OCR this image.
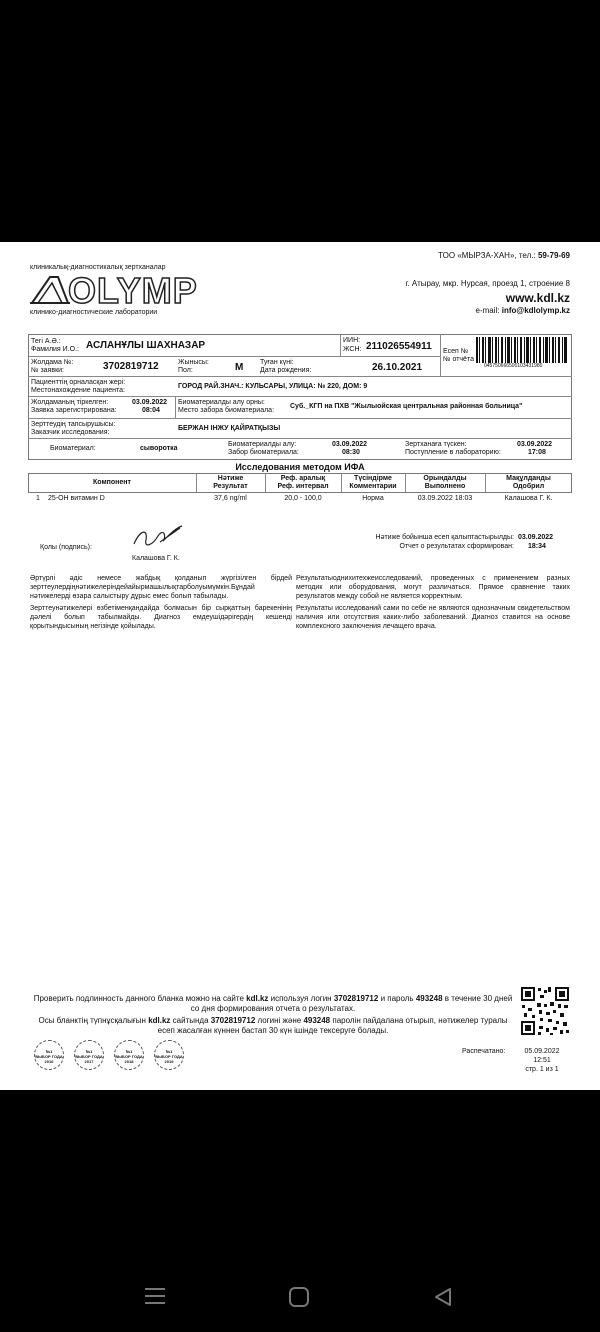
ТОО «МЫРЗА-ХАН», тел.: 59-79-69
клиникалық-диагностикалық зертханалар
OLYMP
клинико-диагностические лаборатории
г. Атырау, мкр. Нурсая, проезд 1, строение 8
www.kdl.kz
e-mail: info@kdlolymp.kz
Тегі А.Ә.:
Фамилия И.О.: АСЛАНҰЛЫ ШАХНАЗАР	ИИН:
ЖСН: 211026554911 Есеп №
№ отчёта
045750666500103431980
Жолдама №:
№ заявки:	3702819712	Жынысы:
Пол:	М Туған күні:
Дата рождения:	26.10.2021
Пациенттің орналасқан жері:
Местонахождение пациента:
ГОРОД РАЙ.ЗНАЧ.: КУЛЬСАРЫ, УЛИЦА: № 220, ДОМ: 9
Жолдаманың тіркелген:
Заявка зарегистрирована:
03.09.2022
08:04
Биоматериалды алу орны:
Место забора биоматериала:
Суб._КГП на ПХВ "Жылыойская центральная районная больница"
Зерттеудің тапсырушысы:
Заказчик исследования:
БЕРЖАН ІНЖУ ҚАЙРАТҚЫЗЫ
Биоматериал:	сыворотка
Биоматериалды алу:
Забор биоматериала:
03.09.2022
08:30
Зертханаға түскен:
Поступление в лабораторию:
03.09.2022
17:08
Исследования методом ИФА
Компонент
Нәтиже
Результат
Реф. аралық
Реф. интервал
Түсіндірме
Комментарии
Орындалды
Выполнено
Мақұлданды
Одобрил
1 25-ОН витамин D	37,6 ng/ml	20,0 - 100,0	Норма	03.09.2022 18:03	Калашова Г. К.
Қолы (подпись):
Калашова Г. К.
Нәтиже бойынша есеп қалыптастырылды:
Отчет о результатах сформирован:
03.09.2022
18:34
Әртүрлі әдіс немесе жабдық қолданып жүргізілген бірдей зерттеулердіңнәтижелеріндейайырмашылықтарболуымүмкін.Бұндай нәтижелерді өзара салыстыру дұрыс емес болып табылады.
Зерттеунәтижелері өзбетіменқандайда болмасын бір сырқаттың барекенінің дәлелі болып табылмайды. Диагноз емдеушідәрігердің кешенді қорытындысының негізінде қойылады.
Результатыоднихитехжеисследований, проведенных с применением разных методик или оборудования, могут различаться. Прямое сравнение таких результатов между собой не является корректным.
Результаты исследований сами по себе не являются однозначным свидетельством наличия или отсутствия каких-либо заболеваний. Диагноз ставится на основе комплексного заключения лечащего врача.
Проверить подлинность данного бланка можно на сайте kdl.kz используя логин 3702819712 и пароль 493248 в течение 30 дней со дня формирования отчета о результатах.
Осы бланктің түпнұсқалығын kdl.kz сайтында 3702819712 логині және 493248 паролін пайдалана отырып, нәтижелер туралы есеп жасалған күннен бастап 30 күн ішінде тексеруге болады.
№1
ВЫБОР ГОДА
2016
№1
ВЫБОР ГОДА
2017
№1
ВЫБОР ГОДА
2018
№1
ВЫБОР ГОДА
2019
Распечатано:	05.09.2022
12:51
стр. 1 из 1
